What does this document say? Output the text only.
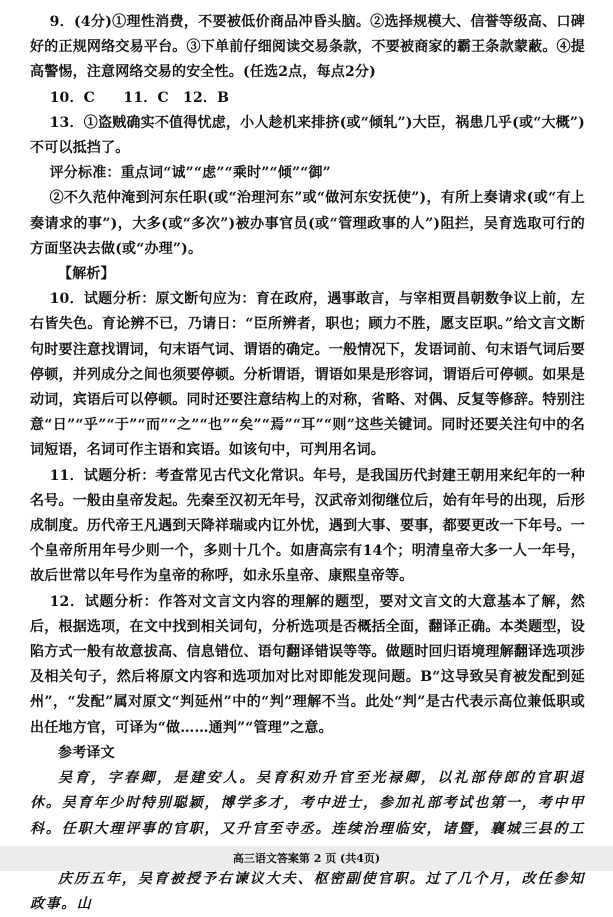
9．(4分)①理性消费，不要被低价商品冲昏头脑。②选择规模大、信誉等级高、口碑好的正规网络交易平台。③下单前仔细阅读交易条款，不要被商家的霸王条款蒙蔽。④提高警惕，注意网络交易的安全性。(任选2点，每点2分)

10．C　　11．C　12．B

13．①盗贼确实不值得忧虑，小人趁机来排挤(或“倾轧”)大臣，祸患几乎(或“大概”)不可以抵挡了。

评分标准：重点词“诚”“虑”“乘时”“倾”“御”

②不久范仲淹到河东任职(或“治理河东”或“做河东安抚使”)，有所上奏请求(或“有上奏请求的事”)，大多(或“多次”)被办事官员(或“管理政事的人”)阻拦，吴育选取可行的方面坚决去做(或“办理”)。

【解析】

10．试题分析：原文断句应为：育在政府，遇事敢言，与宰相贾昌朝数争议上前，左右皆失色。育论辨不已，乃请日：“臣所辨者，职也；顾力不胜，愿支臣职。”给文言文断句时要注意找谓词，句末语气词、谓语的确定。一般情况下，发语词前、句末语气词后要停顿，并列成分之间也须要停顿。分析谓语，谓语如果是形容词，谓语后可停顿。如果是动词，宾语后可以停顿。同时还要注意结构上的对称，省略、对偶、反复等修辞。特别注意“日”“乎”“于”“而”“之”“也”“矣”“焉”“耳”“则”这些关键词。同时还要关注句中的名词短语，名词可作主语和宾语。如该句中，可判用名词。

11．试题分析：考查常见古代文化常识。年号，是我国历代封建王朝用来纪年的一种名号。一般由皇帝发起。先秦至汉初无年号，汉武帝刘彻继位后，始有年号的出现，后形成制度。历代帝王凡遇到天降祥瑞或内讧外忧，遇到大事、要事，都要更改一下年号。一个皇帝所用年号少则一个，多则十几个。如唐高宗有14个；明清皇帝大多一人一年号，故后世常以年号作为皇帝的称呼，如永乐皇帝、康熙皇帝等。

12．试题分析：作答对文言文内容的理解的题型，要对文言文的大意基本了解，然后，根据选项，在文中找到相关词句，分析选项是否概括全面，翻译正确。本类题型，设陷方式一般有故意拔高、信息错位、语句翻译错误等等。做题时回归语境理解翻译选项涉及相关句子，然后将原文内容和选项加对比对即能发现问题。B“这导致吴育被发配到延州”，“发配”属对原文“判延州”中的“判”理解不当。此处“判”是古代表示高位兼低职或出任地方官，可译为“做……通判”“管理”之意。

参考译文

吴育，字春卿，是建安人。吴育积劝升官至光禄卿，以礼部侍郎的官职退休。吴育年少时特别聪颖，博学多才，考中进士，参加礼部考试也第一，考中甲科。任职大理评事的官职，又升官至寺丞。连续治理临安，诸暨，襄城三县的工

庆历五年，吴育被授予右谏议大夫、枢密副使官职。过了几个月，改任参知政事。山

高三语文答案第 2 页 (共4页)
